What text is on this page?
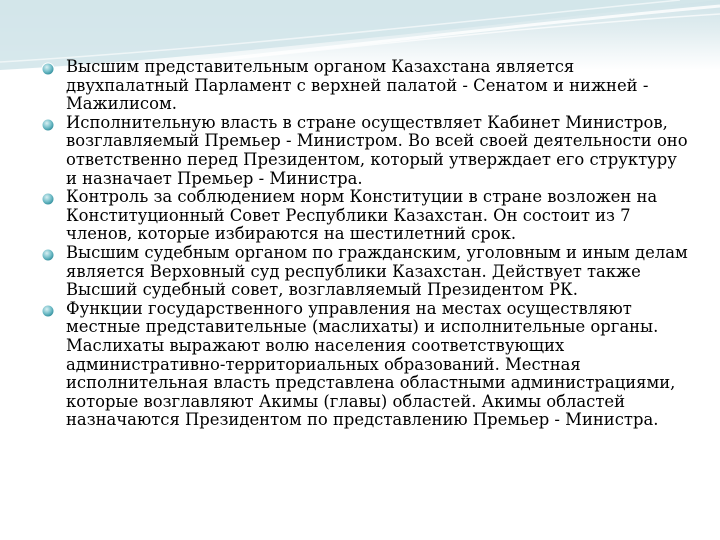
Высшим представительным органом Казахстана является двухпалатный Парламент с верхней палатой - Сенатом и нижней - Мажилисом.
Исполнительную власть в стране осуществляет Кабинет Министров, возглавляемый Премьер - Министром. Во всей своей деятельности оно ответственно перед Президентом, который утверждает его структуру и назначает Премьер - Министра.
Контроль за соблюдением норм Конституции в стране возложен на Конституционный Совет Республики Казахстан. Он состоит из 7 членов, которые избираются на шестилетний срок.
Высшим судебным органом по гражданским, уголовным и иным делам является Верховный суд республики Казахстан. Действует также Высший судебный совет, возглавляемый Президентом РК.
Функции государственного управления на местах осуществляют местные представительные (маслихаты) и исполнительные органы. Маслихаты выражают волю населения соответствующих административно-территориальных образований. Местная исполнительная власть представлена областными администрациями, которые возглавляют Акимы (главы) областей. Акимы областей назначаются Президентом по представлению Премьер - Министра.
